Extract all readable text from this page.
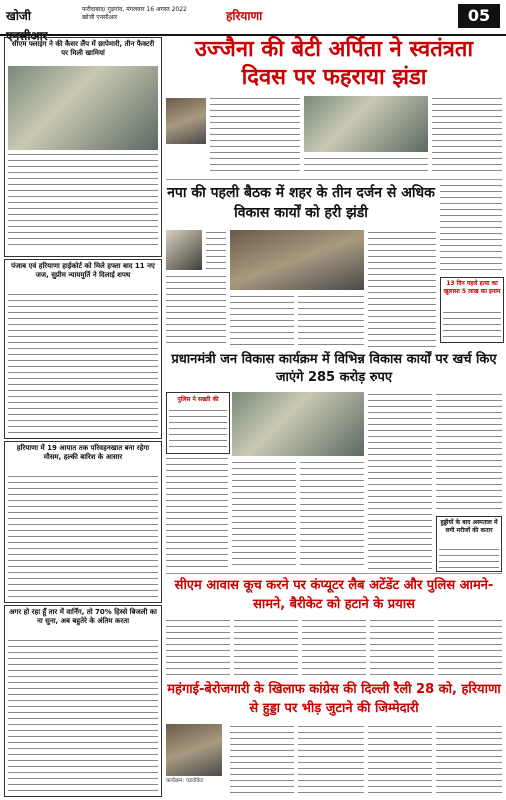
खोजी एनसीआर
फरीदाबाद/ गुड़गांव, मंगलवार 16 अगस्त 2022
खोजी एनसीआर	हरियाणा	05
सीएम फ्लाइंग ने की कैसर लैंप में छापेमारी, तीन फैक्टरी पर मिली खामियां
पंजाब एवं हरियाणा हाईकोर्ट को मिले हफ्ता बाद 11 नए जज, सुप्रीम न्यायमुर्ति ने दिलाई शपथ
हरियाणा में 19 आयात तक परिवहनखात बना रहेगा मौसम, हल्की बारिश के आसार
अगर हो रहा हूँ तार में वार्निंग, तो 70% हिस्से बिजली का ना सुना, अब बहुतेरे के अंतिम करता
उज्जैना की बेटी अर्पिता ने स्वतंत्रता
दिवस पर फहराया झंडा
नपा की पहली बैठक में शहर के तीन दर्जन से अधिक विकास कार्यों को हरी झंडी
13 दिन पहले हत्या का खुलासा 5 लाख का इनाम
प्रधानमंत्री जन विकास कार्यक्रम में विभिन्न विकास कार्यों पर खर्च किए जाएंगे 285 करोड़ रुपए
पुलिस ने सख्ती की
हुड्डीयों के बाद अस्पताल में लगी मरीजों की कतार
सीएम आवास कूच करने पर कंप्यूटर लैब अटेंडेंट और पुलिस आमने-सामने, बैरीकेट को हटाने के प्रयास
महंगाई-बेरोजगारी के खिलाफ कांग्रेस की दिल्ली रैली 28 को, हरियाणा से हुड्डा पर भीड़ जुटाने की जिम्मेदारी
कार्यक्रम: एडवोकेट
